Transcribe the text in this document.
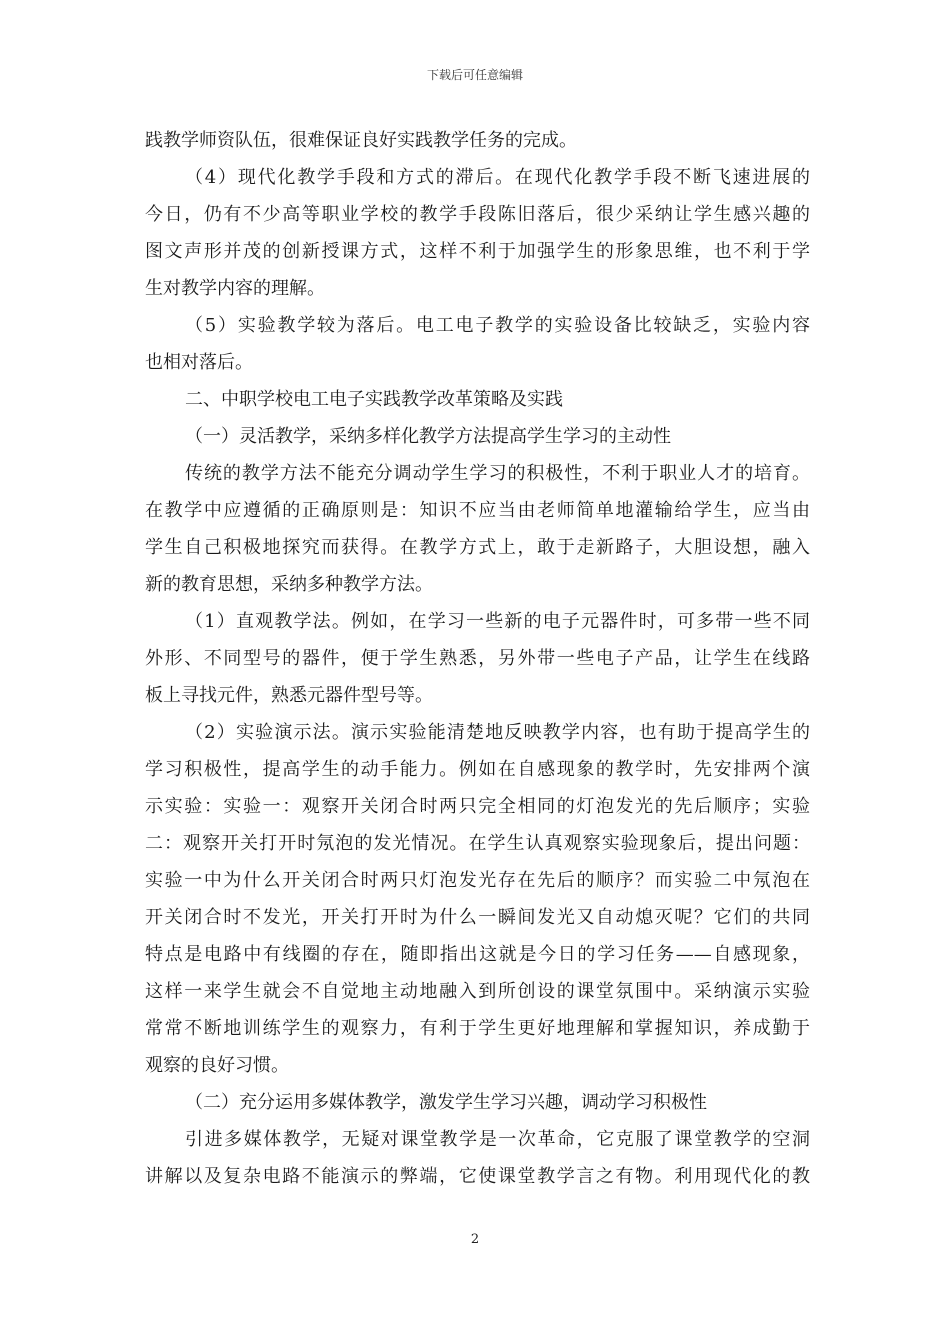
下载后可任意编辑
践教学师资队伍，很难保证良好实践教学任务的完成。
（4）现代化教学手段和方式的滞后。在现代化教学手段不断飞速进展的
今日，仍有不少高等职业学校的教学手段陈旧落后，很少采纳让学生感兴趣的
图文声形并茂的创新授课方式，这样不利于加强学生的形象思维，也不利于学
生对教学内容的理解。
（5）实验教学较为落后。电工电子教学的实验设备比较缺乏，实验内容
也相对落后。
二、中职学校电工电子实践教学改革策略及实践
（一）灵活教学，采纳多样化教学方法提高学生学习的主动性
传统的教学方法不能充分调动学生学习的积极性，不利于职业人才的培育。
在教学中应遵循的正确原则是：知识不应当由老师简单地灌输给学生，应当由
学生自己积极地探究而获得。在教学方式上，敢于走新路子，大胆设想，融入
新的教育思想，采纳多种教学方法。
（1）直观教学法。例如，在学习一些新的电子元器件时，可多带一些不同
外形、不同型号的器件，便于学生熟悉，另外带一些电子产品，让学生在线路
板上寻找元件，熟悉元器件型号等。
（2）实验演示法。演示实验能清楚地反映教学内容，也有助于提高学生的
学习积极性，提高学生的动手能力。例如在自感现象的教学时，先安排两个演
示实验：实验一：观察开关闭合时两只完全相同的灯泡发光的先后顺序；实验
二：观察开关打开时氖泡的发光情况。在学生认真观察实验现象后，提出问题：
实验一中为什么开关闭合时两只灯泡发光存在先后的顺序？而实验二中氖泡在
开关闭合时不发光，开关打开时为什么一瞬间发光又自动熄灭呢？它们的共同
特点是电路中有线圈的存在，随即指出这就是今日的学习任务——自感现象，
这样一来学生就会不自觉地主动地融入到所创设的课堂氛围中。采纳演示实验
常常不断地训练学生的观察力，有利于学生更好地理解和掌握知识，养成勤于
观察的良好习惯。
（二）充分运用多媒体教学，激发学生学习兴趣，调动学习积极性
引进多媒体教学，无疑对课堂教学是一次革命，它克服了课堂教学的空洞
讲解以及复杂电路不能演示的弊端，它使课堂教学言之有物。利用现代化的教
2
